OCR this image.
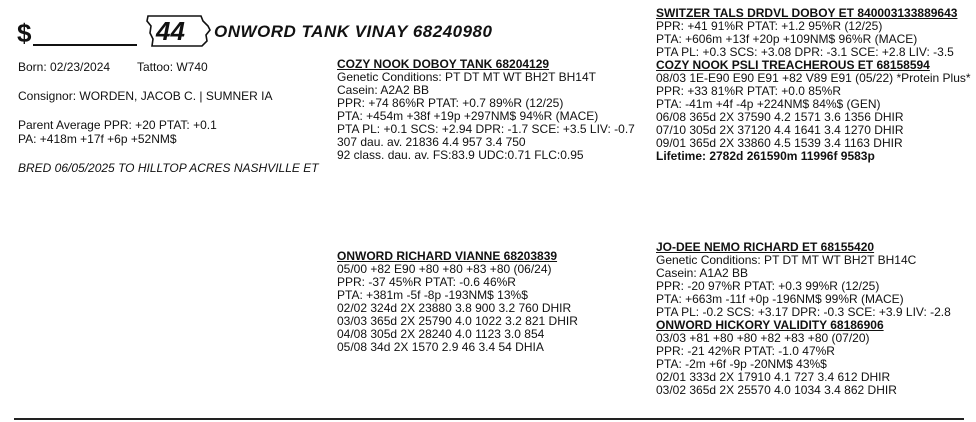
$	44 ONWORD TANK VINAY 68240980
Born: 02/23/2024 Tattoo: W740
Consignor: WORDEN, JACOB C. | SUMNER IA
Parent Average PPR: +20 PTAT: +0.1
PA: +418m +17f +6p +52NM$
BRED 06/05/2025 TO HILLTOP ACRES NASHVILLE ET
COZY NOOK DOBOY TANK 68204129
Genetic Conditions: PT DT MT WT BH2T BH14T
Casein: A2A2 BB
PPR: +74 86%R PTAT: +0.7 89%R (12/25)
PTA: +454m +38f +19p +297NM$ 94%R (MACE)
PTA PL: +0.1 SCS: +2.94 DPR: -1.7 SCE: +3.5 LIV: -0.7
307 dau. av. 21836 4.4 957 3.4 750
92 class. dau. av. FS:83.9 UDC:0.71 FLC:0.95
SWITZER TALS DRDVL DOBOY ET 840003133889643
PPR: +41 91%R PTAT: +1.2 95%R (12/25)
PTA: +606m +13f +20p +109NM$ 96%R (MACE)
PTA PL: +0.3 SCS: +3.08 DPR: -3.1 SCE: +2.8 LIV: -3.5
COZY NOOK PSLI TREACHEROUS ET 68158594
08/03 1E-E90 E90 E91 +82 V89 E91 (05/22) *Protein Plus*
PPR: +33 81%R PTAT: +0.0 85%R
PTA: -41m +4f -4p +224NM$ 84%$ (GEN)
06/08 365d 2X 37590 4.2 1571 3.6 1356 DHIR
07/10 305d 2X 37120 4.4 1641 3.4 1270 DHIR
09/01 365d 2X 33860 4.5 1539 3.4 1163 DHIR
Lifetime: 2782d 261590m 11996f 9583p
ONWORD RICHARD VIANNE 68203839
05/00 +82 E90 +80 +80 +83 +80 (06/24)
PPR: -37 45%R PTAT: -0.6 46%R
PTA: +381m -5f -8p -193NM$ 13%$
02/02 324d 2X 23880 3.8 900 3.2 760 DHIR
03/03 365d 2X 25790 4.0 1022 3.2 821 DHIR
04/08 305d 2X 28240 4.0 1123 3.0 854
05/08 34d 2X 1570 2.9 46 3.4 54 DHIA
JO-DEE NEMO RICHARD ET 68155420
Genetic Conditions: PT DT MT WT BH2T BH14C
Casein: A1A2 BB
PPR: -20 97%R PTAT: +0.3 99%R (12/25)
PTA: +663m -11f +0p -196NM$ 99%R (MACE)
PTA PL: -0.2 SCS: +3.17 DPR: -0.3 SCE: +3.9 LIV: -2.8
ONWORD HICKORY VALIDITY 68186906
03/03 +81 +80 +80 +82 +83 +80 (07/20)
PPR: -21 42%R PTAT: -1.0 47%R
PTA: -2m +6f -9p -20NM$ 43%$
02/01 333d 2X 17910 4.1 727 3.4 612 DHIR
03/02 365d 2X 25570 4.0 1034 3.4 862 DHIR
